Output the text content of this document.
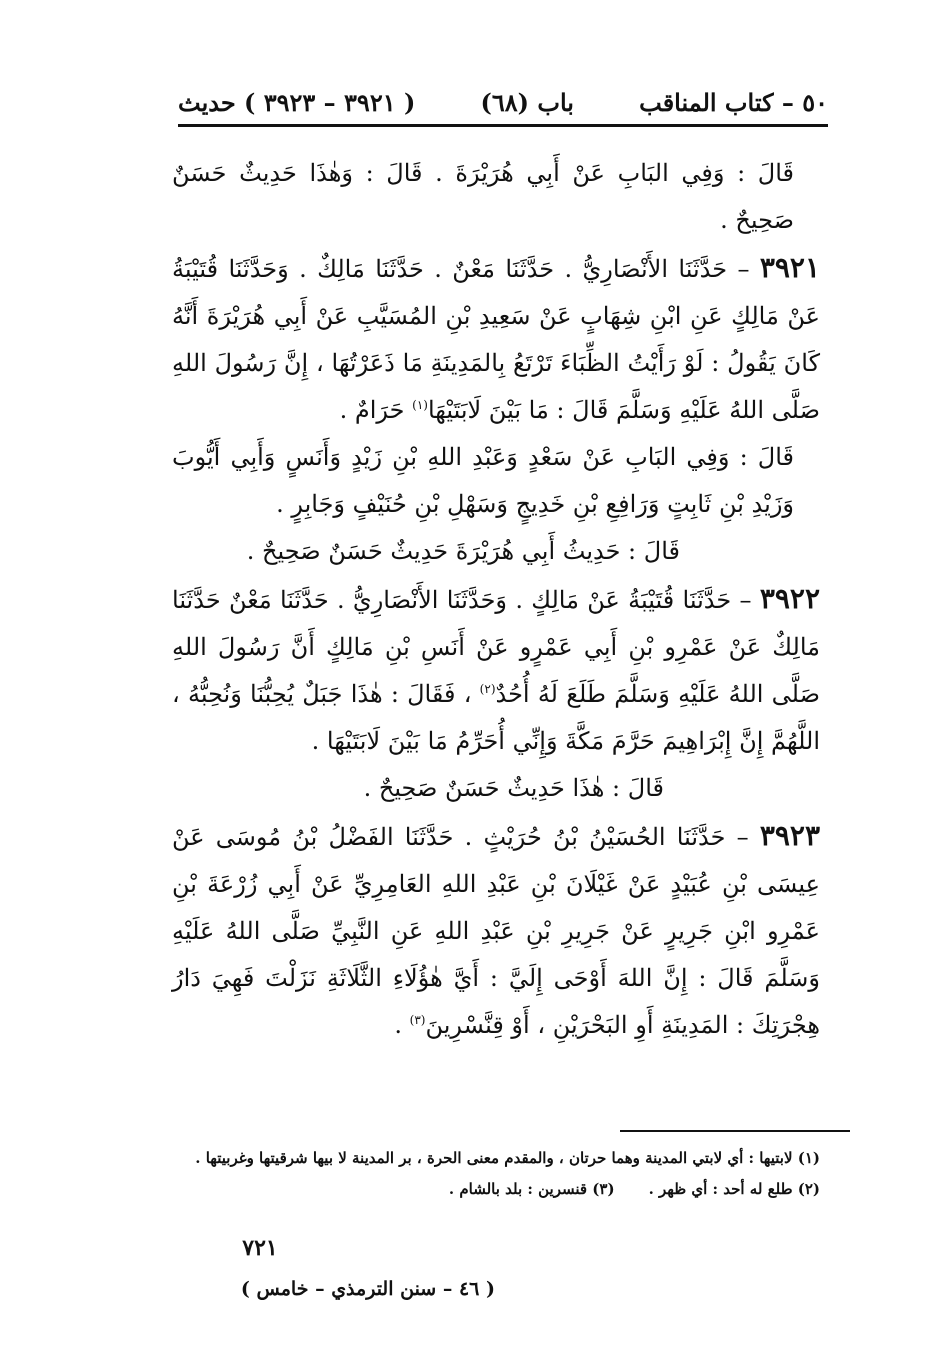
٥٠ – كتاب المناقب
باب (٦٨)
( ٣٩٢١ – ٣٩٢٣ ) حديث

قَالَ : وَفِي البَابِ عَنْ أَبِي هُرَيْرَةَ . قَالَ : وَهٰذَا حَدِيثٌ حَسَنٌ صَحِيحٌ .

٣٩٢١ – حَدَّثَنَا الأَنْصَارِيُّ . حَدَّثَنَا مَعْنٌ . حَدَّثَنَا مَالِكٌ . وَحَدَّثَنَا قُتَيْبَةُ عَنْ مَالِكٍ عَنِ ابْنِ شِهَابٍ عَنْ سَعِيدِ بْنِ المُسَيَّبِ عَنْ أَبِي هُرَيْرَةَ أَنَّهُ كَانَ يَقُولُ : لَوْ رَأَيْتُ الظِّبَاءَ تَرْتَعُ بِالمَدِينَةِ مَا ذَعَرْتُهَا ، إِنَّ رَسُولَ اللهِ صَلَّى اللهُ عَلَيْهِ وَسَلَّمَ قَالَ : مَا بَيْنَ لَابَتَيْهَا$^{(١)}$ حَرَامٌ .

قَالَ : وَفِي البَابِ عَنْ سَعْدٍ وَعَبْدِ اللهِ بْنِ زَيْدٍ وَأَنَسٍ وَأَبِي أَيُّوبَ وَزَيْدِ بْنِ ثَابِتٍ وَرَافِعِ بْنِ خَدِيجٍ وَسَهْلِ بْنِ حُنَيْفٍ وَجَابِرٍ .

قَالَ : حَدِيثُ أَبِي هُرَيْرَةَ حَدِيثٌ حَسَنٌ صَحِيحٌ .

٣٩٢٢ – حَدَّثَنَا قُتَيْبَةُ عَنْ مَالِكٍ . وَحَدَّثَنَا الأَنْصَارِيُّ . حَدَّثَنَا مَعْنٌ حَدَّثَنَا مَالِكٌ عَنْ عَمْرِو بْنِ أَبِي عَمْرٍو عَنْ أَنَسِ بْنِ مَالِكٍ أَنَّ رَسُولَ اللهِ صَلَّى اللهُ عَلَيْهِ وَسَلَّمَ طَلَعَ لَهُ أُحُدٌ$^{(٢)}$ ، فَقَالَ : هٰذَا جَبَلٌ يُحِبُّنَا وَنُحِبُّهُ ، اللَّهُمَّ إِنَّ إِبْرَاهِيمَ حَرَّمَ مَكَّةَ وَإِنِّي أُحَرِّمُ مَا بَيْنَ لَابَتَيْهَا .

قَالَ : هٰذَا حَدِيثٌ حَسَنٌ صَحِيحٌ .

٣٩٢٣ – حَدَّثَنَا الحُسَيْنُ بْنُ حُرَيْثٍ . حَدَّثَنَا الفَضْلُ بْنُ مُوسَى عَنْ عِيسَى بْنِ عُبَيْدٍ عَنْ غَيْلَانَ بْنِ عَبْدِ اللهِ العَامِرِيِّ عَنْ أَبِي زُرْعَةَ بْنِ عَمْرِو ابْنِ جَرِيرٍ عَنْ جَرِيرِ بْنِ عَبْدِ اللهِ عَنِ النَّبِيِّ صَلَّى اللهُ عَلَيْهِ وَسَلَّمَ قَالَ : إِنَّ اللهَ أَوْحَى إِلَيَّ : أَيَّ هٰؤُلَاءِ الثَّلَاثَةِ نَزَلْتَ فَهِيَ دَارُ هِجْرَتِكَ : المَدِينَةِ أَوِ البَحْرَيْنِ ، أَوْ قِنَّسْرِينَ$^{(٣)}$ .

(١) لابتيها : أي لابتي المدينة وهما حرتان ، والمقدم معنى الحرة ، بر المدينة لا بيها شرقيتها وغربيتها .
(٢) طلع له أحد : أي ظهر .
(٣) قنسرين : بلد بالشام .
٧٢١
( ٤٦ – سنن الترمذي – خامس )
